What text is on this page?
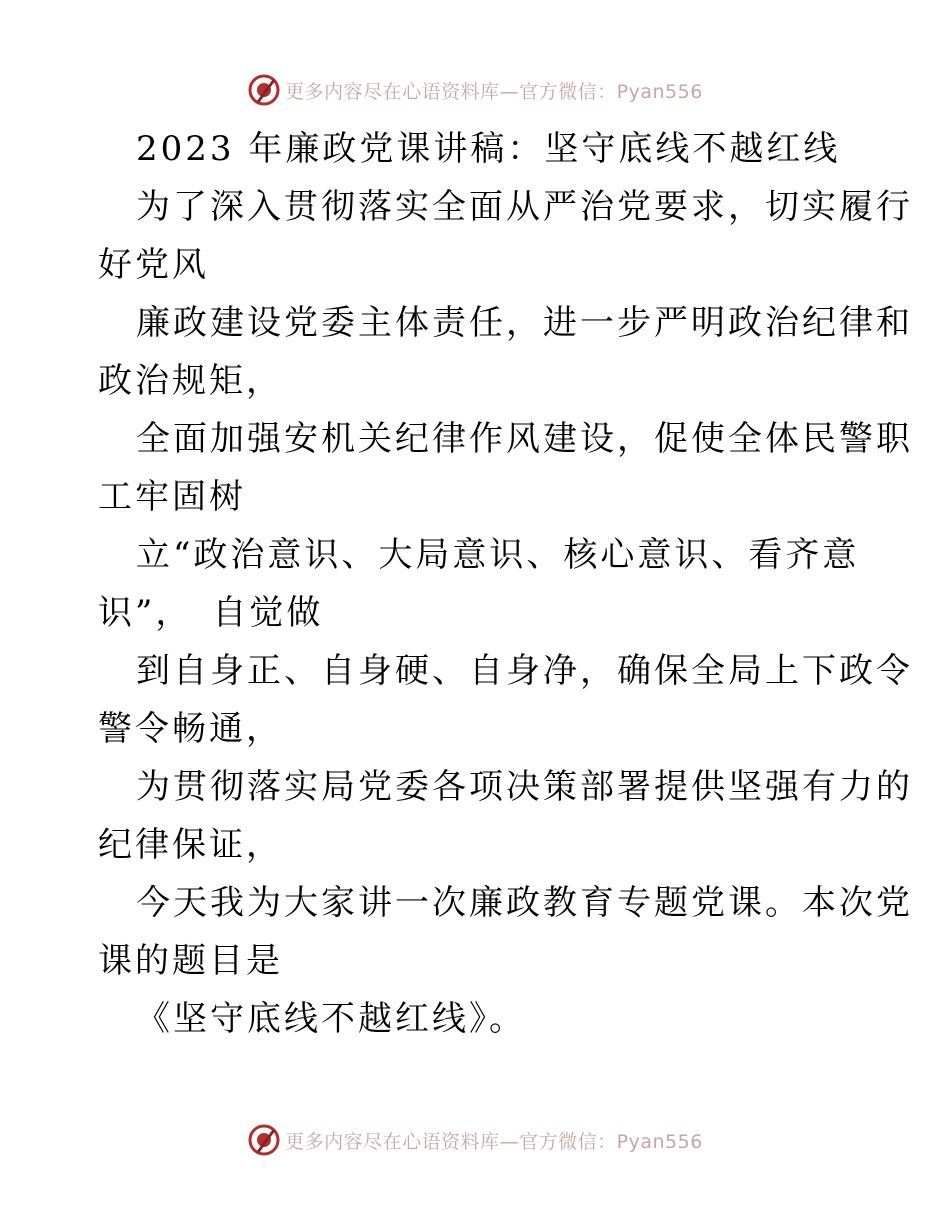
更多内容尽在心语资料库—官方微信：Pyan556
2023 年廉政党课讲稿：坚守底线不越红线
为了深入贯彻落实全面从严治党要求，切实履行
好党风
廉政建设党委主体责任，进一步严明政治纪律和
政治规矩，
全面加强安机关纪律作风建设，促使全体民警职
工牢固树
立“政治意识、大局意识、核心意识、看齐意
识”，　自觉做
到自身正、自身硬、自身净，确保全局上下政令
警令畅通，
为贯彻落实局党委各项决策部署提供坚强有力的
纪律保证，
今天我为大家讲一次廉政教育专题党课。本次党
课的题目是
《坚守底线不越红线》。
更多内容尽在心语资料库—官方微信：Pyan556
